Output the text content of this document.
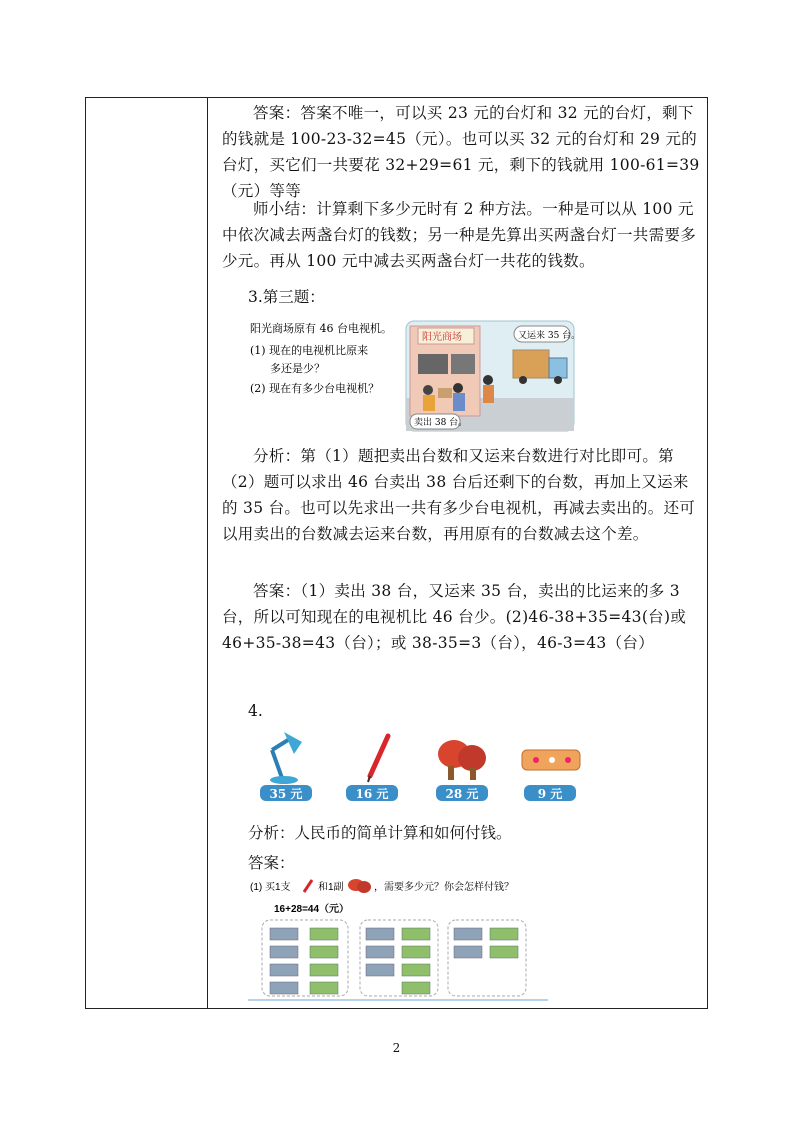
答案：答案不唯一，可以买 23 元的台灯和 32 元的台灯，剩下的钱就是 100-23-32=45（元）。也可以买 32 元的台灯和 29 元的台灯，买它们一共要花 32+29=61 元，剩下的钱就用 100-61=39（元）等等

师小结：计算剩下多少元时有 2 种方法。一种是可以从 100 元中依次减去两盏台灯的钱数；另一种是先算出买两盏台灯一共需要多少元。再从 100 元中减去买两盏台灯一共花的钱数。

3.第三题：

阳光商场原有 46 台电视机。
(1) 现在的电视机比原来
多还是少？
(2) 现在有多少台电视机？
阳光商场	又运来 35 台。
卖出 38 台。

分析：第（1）题把卖出台数和又运来台数进行对比即可。第（2）题可以求出 46 台卖出 38 台后还剩下的台数，再加上又运来的 35 台。也可以先求出一共有多少台电视机，再减去卖出的。还可以用卖出的台数减去运来台数，再用原有的台数减去这个差。

答案：（1）卖出 38 台，又运来 35 台，卖出的比运来的多 3 台，所以可知现在的电视机比 46 台少。(2)46-38+35=43(台)或46+35-38=43（台）；或 38-35=3（台），46-3=43（台）

4.

35 元	16 元	28 元	9 元

分析：人民币的简单计算和如何付钱。

答案：

(1) 买1支	和1副	，需要多少元？你会怎样付钱？
16+28=44（元）
2
